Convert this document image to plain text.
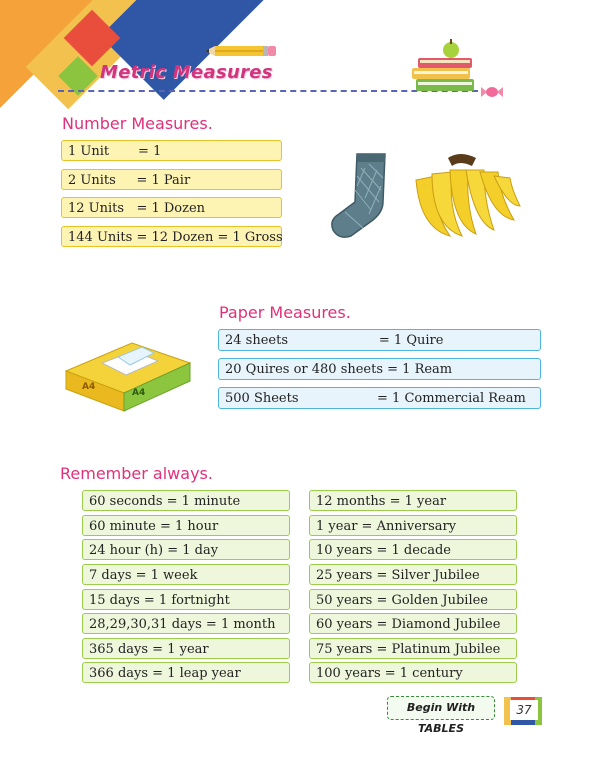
Metric Measures
Number Measures.
1 Unit       = 1
2 Units     = 1 Pair
12 Units   = 1 Dozen
144 Units = 12 Dozen = 1 Gross
Paper Measures.
24 sheets                      = 1 Quire
20 Quires or 480 sheets = 1 Ream
500 Sheets                   = 1 Commercial Ream
A4
A4
Remember always.
60 seconds = 1 minute
60 minute = 1 hour
24 hour (h) = 1 day
7 days = 1 week
15 days = 1 fortnight
28,29,30,31 days = 1 month
365 days = 1 year
366 days = 1 leap year
12 months = 1 year
1 year = Anniversary
10 years = 1 decade
25 years = Silver Jubilee
50 years = Golden Jubilee
60 years = Diamond Jubilee
75 years = Platinum Jubilee
100 years = 1 century
Begin With TABLES
37
